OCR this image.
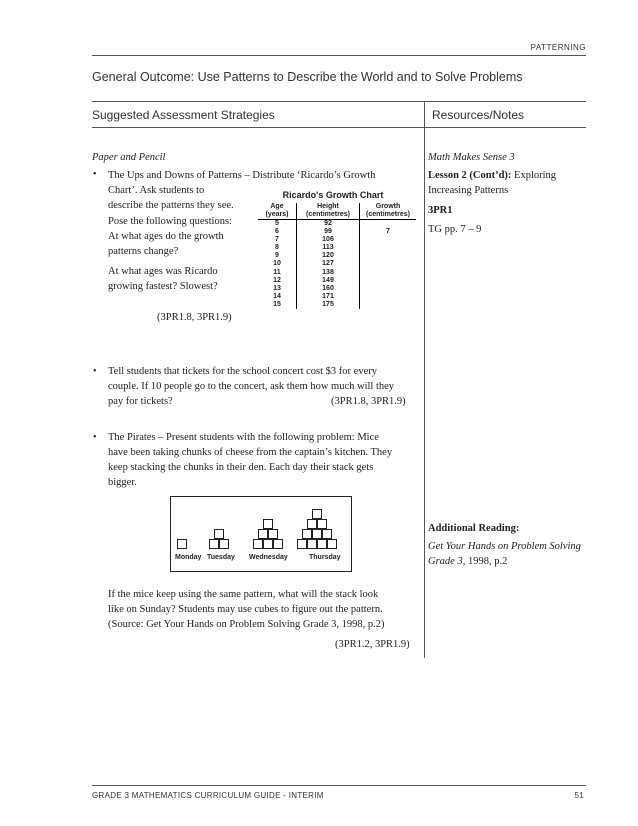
PATTERNING
General Outcome: Use Patterns to Describe the World and to Solve Problems
Suggested Assessment Strategies	Resources/Notes
Paper and Pencil
• The Ups and Downs of Patterns – Distribute ‘Ricardo’s Growth
Chart’. Ask students to
describe the patterns they see.
Pose the following questions:
At what ages do the growth
patterns change?
At what ages was Ricardo
growing fastest? Slowest?
(3PR1.8, 3PR1.9)
Ricardo's Growth Chart
Age
(years)	Height
(centimetres)	Growth
(centimetres)
5	92	
6	99	7
7	106	
8	113	
9	120	
10	127	
11	138	
12	149	
13	160	
14	171	
15	175	
• Tell students that tickets for the school concert cost $3 for every
couple. If 10 people go to the concert, ask them how much will they
pay for tickets?	(3PR1.8, 3PR1.9)
• The Pirates – Present students with the following problem: Mice
have been taking chunks of cheese from the captain’s kitchen. They
keep stacking the chunks in their den. Each day their stack gets
bigger.
Monday Tuesday Wednesday	Thursday
If the mice keep using the same pattern, what will the stack look
like on Sunday? Students may use cubes to figure out the pattern.
(Source: Get Your Hands on Problem Solving Grade 3, 1998, p.2)
(3PR1.2, 3PR1.9)
Math Makes Sense 3
Lesson 2 (Cont’d): Exploring
Increasing Patterns
3PR1
TG pp. 7 – 9
Additional Reading:
Get Your Hands on Problem Solving
Grade 3, 1998, p.2
GRADE 3 MATHEMATICS CURRICULUM GUIDE - INTERIM	51
